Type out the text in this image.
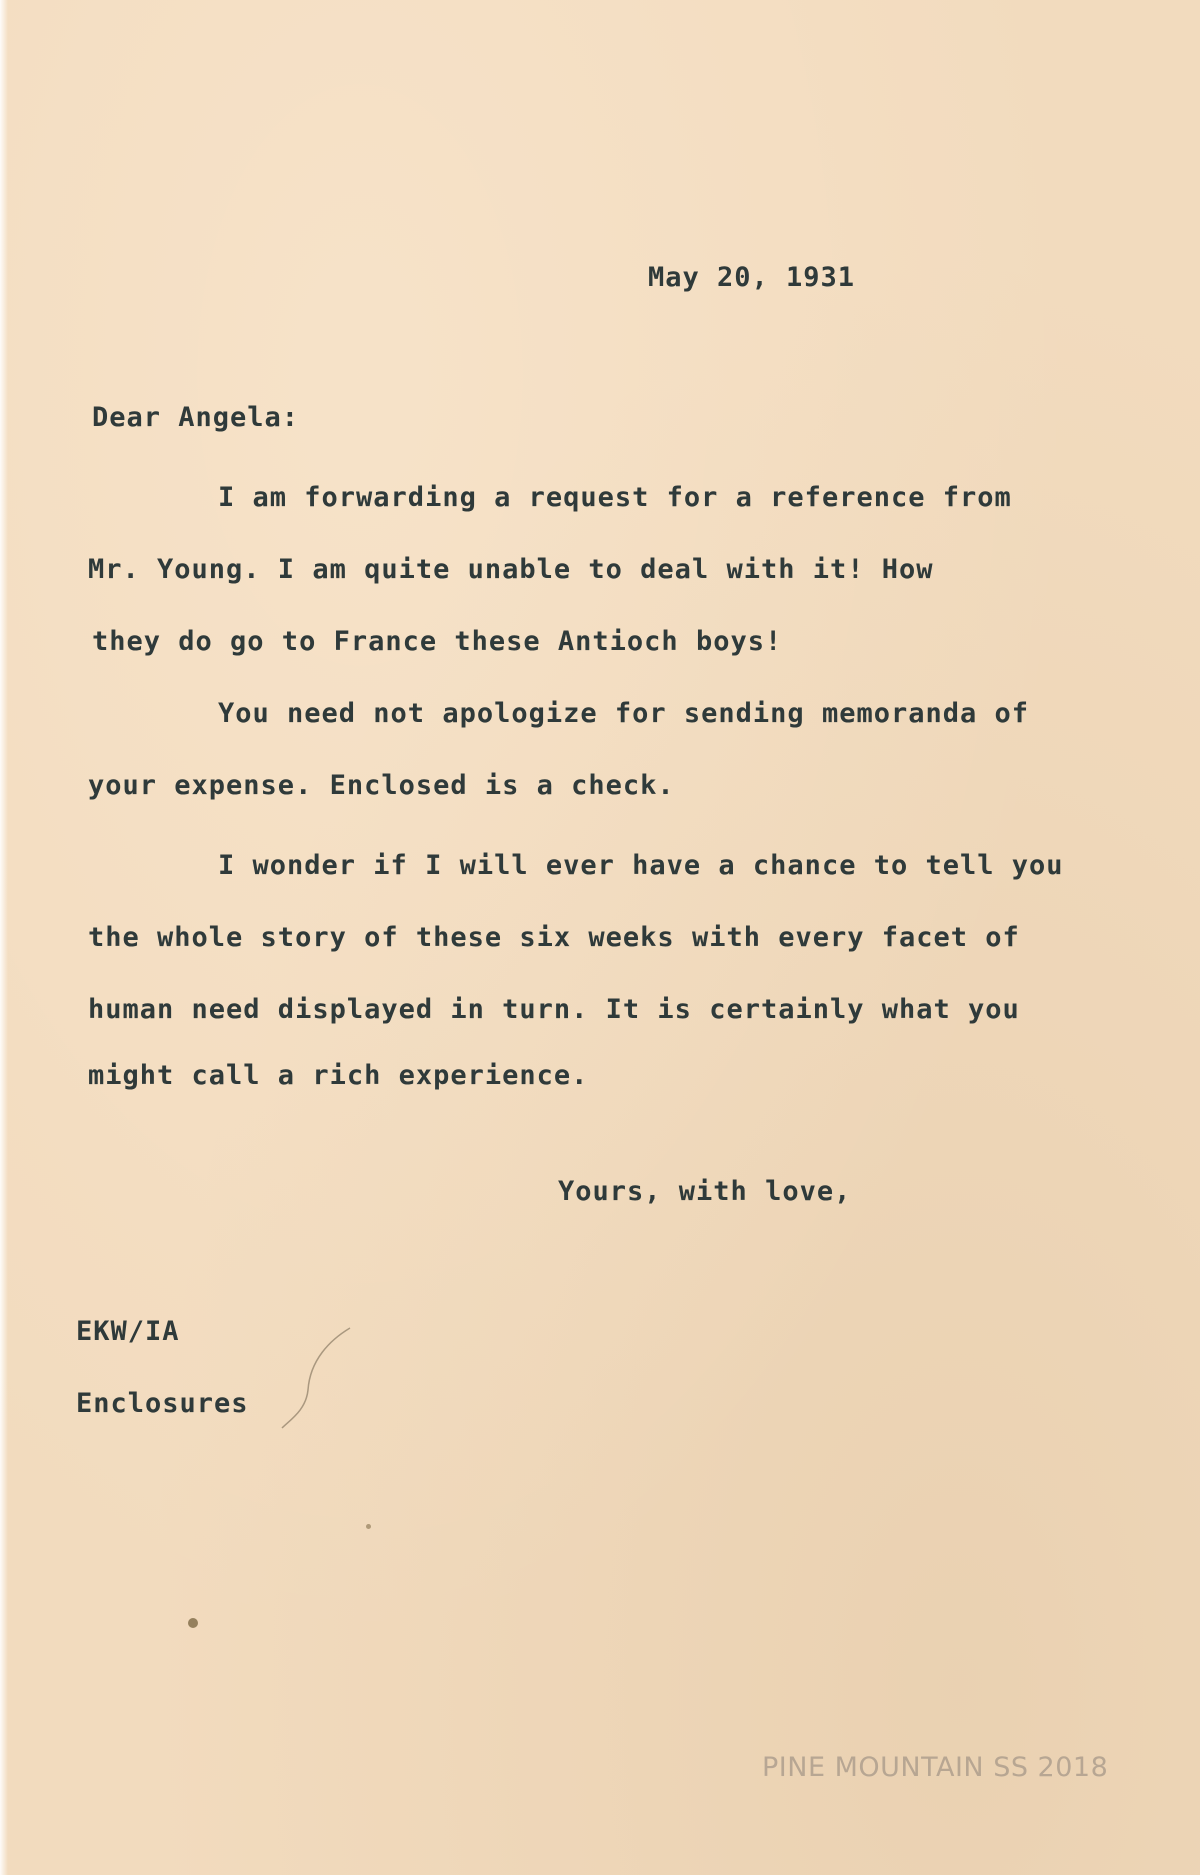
May 20, 1931
Dear Angela:
I am forwarding a request for a reference from
Mr. Young. I am quite unable to deal with it! How
they do go to France these Antioch boys!
You need not apologize for sending memoranda of
your expense. Enclosed is a check.
I wonder if I will ever have a chance to tell you
the whole story of these six weeks with every facet of
human need displayed in turn. It is certainly what you
might call a rich experience.
Yours, with love,
EKW/IA
Enclosures
PINE MOUNTAIN SS 2018
